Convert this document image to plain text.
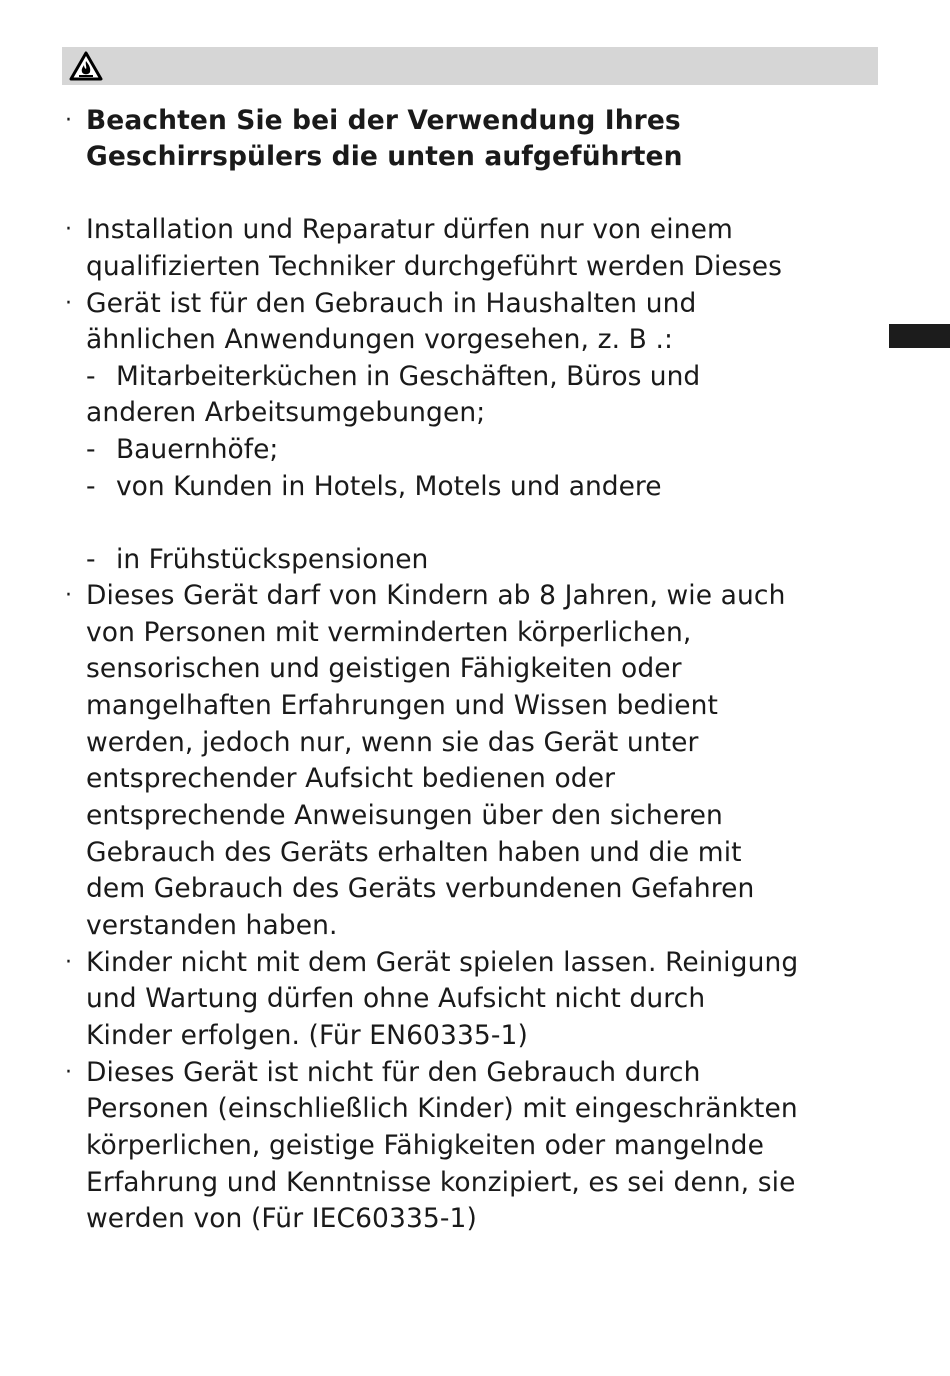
· Beachten Sie bei der Verwendung Ihres
Geschirrspülers die unten aufgeführten
· Installation und Reparatur dürfen nur von einem
qualifizierten Techniker durchgeführt werden Dieses
· Gerät ist für den Gebrauch in Haushalten und
ähnlichen Anwendungen vorgesehen, z. B .:
- Mitarbeiterküchen in Geschäften, Büros und
anderen Arbeitsumgebungen;
- Bauernhöfe;
- von Kunden in Hotels, Motels und andere
- in Frühstückspensionen
· Dieses Gerät darf von Kindern ab 8 Jahren, wie auch
von Personen mit verminderten körperlichen,
sensorischen und geistigen Fähigkeiten oder
mangelhaften Erfahrungen und Wissen bedient
werden, jedoch nur, wenn sie das Gerät unter
entsprechender Aufsicht bedienen oder
entsprechende Anweisungen über den sicheren
Gebrauch des Geräts erhalten haben und die mit
dem Gebrauch des Geräts verbundenen Gefahren
verstanden haben.
· Kinder nicht mit dem Gerät spielen lassen. Reinigung
und Wartung dürfen ohne Aufsicht nicht durch
Kinder erfolgen. (Für EN60335-1)
· Dieses Gerät ist nicht für den Gebrauch durch
Personen (einschließlich Kinder) mit eingeschränkten
körperlichen, geistige Fähigkeiten oder mangelnde
Erfahrung und Kenntnisse konzipiert, es sei denn, sie
werden von (Für IEC60335-1)
